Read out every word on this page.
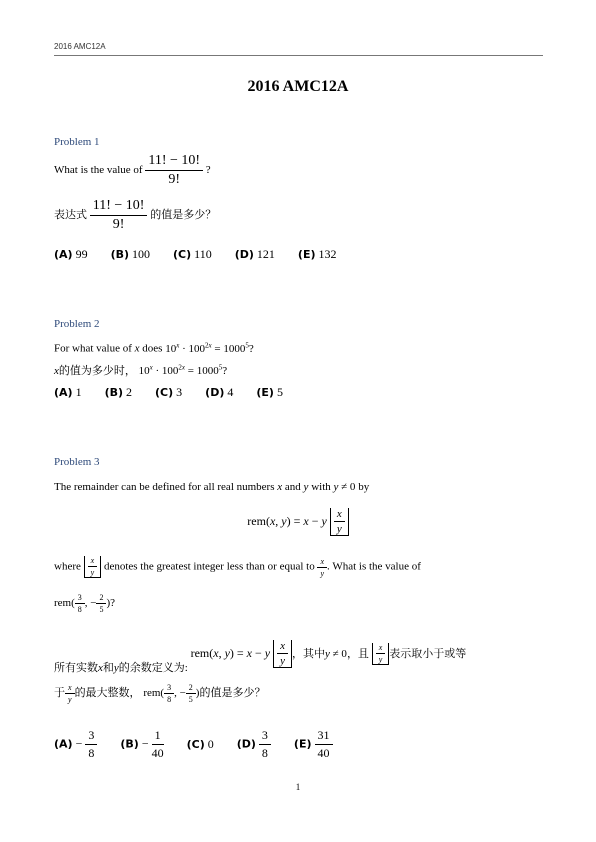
2016 AMC12A
2016 AMC12A
Problem 1
What is the value of $\frac{11! - 10!}{9!}$ ?
表达式 $\frac{11! - 10!}{9!}$ 的值是多少？
(A) 99 (B) 100 (C) 110 (D) 121 (E) 132
Problem 2
For what value of x does $10^x \cdot 100^{2x} = 1000^5$?
x的值为多少时， $10^x \cdot 100^{2x} = 1000^5$?
(A) 1 (B) 2 (C) 3 (D) 4 (E) 5
Problem 3
The remainder can be defined for all real numbers x and y with y ≠ 0 by
rem(x, y) = x − y $\frac{x}{y}$
where $\frac{x}{y}$ denotes the greatest integer less than or equal to $\frac{x}{y}$ . What is the value of
$rem( \frac{3}{8}$ , − $\frac{2}{5}$ )?
所有实数x和y的余数定义为: rem(x, y) = x − y $\frac{x}{y}$ ，其中y ≠ 0，且 $\frac{x}{y}$ 表示取小于或等
于 $\frac{x}{y}$ 的最大整数， $rem( \frac{3}{8}$ , − $\frac{2}{5}$ )的值是多少？
$(A) - \frac{3}{8} (B) - \frac{1}{40} (C)$ 0 $(D) \frac{3}{8} (E) \frac{31}{40}$
1
